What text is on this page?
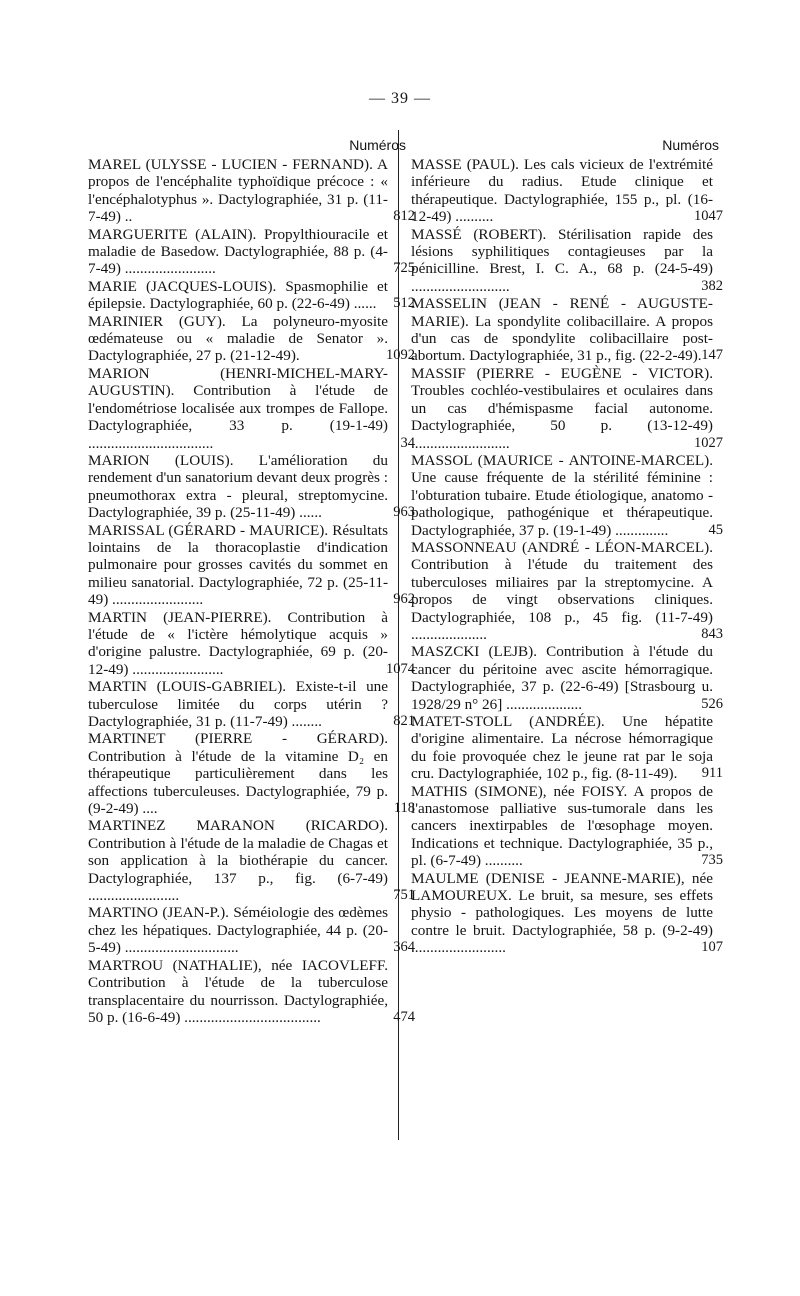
— 39 —
Numéros
MAREL (ULYSSE - LUCIEN - FERNAND). A propos de l'encéphalite typhoïdique précoce : « l'encéphalotyphus ». Dactylographiée, 31 p. (11-7-49) ..	812
MARGUERITE (ALAIN). Propylthiouracile et maladie de Basedow. Dactylographiée, 88 p. (4-7-49) ........................	725
MARIE (JACQUES-LOUIS). Spasmophilie et épilepsie. Dactylographiée, 60 p. (22-6-49) ......	512
MARINIER (GUY). La polyneuro-myosite œdémateuse ou « maladie de Senator ». Dactylographiée, 27 p. (21-12-49).	1092
MARION (HENRI-MICHEL-MARY-AUGUSTIN). Contribution à l'étude de l'endométriose localisée aux trompes de Fallope. Dactylographiée, 33 p. (19-1-49) .................................	34
MARION (LOUIS). L'amélioration du rendement d'un sanatorium devant deux progrès : pneumothorax extra - pleural, streptomycine. Dactylographiée, 39 p. (25-11-49) ......	963
MARISSAL (GÉRARD - MAURICE). Résultats lointains de la thoracoplastie d'indication pulmonaire pour grosses cavités du sommet en milieu sanatorial. Dactylographiée, 72 p. (25-11-49) ........................	962
MARTIN (JEAN-PIERRE). Contribution à l'étude de « l'ictère hémolytique acquis » d'origine palustre. Dactylographiée, 69 p. (20-12-49) ........................	1074
MARTIN (LOUIS-GABRIEL). Existe-t-il une tuberculose limitée du corps utérin ? Dactylographiée, 31 p. (11-7-49) ........	821
MARTINET (PIERRE - GÉRARD). Contribution à l'étude de la vitamine D₂ en thérapeutique particulièrement dans les affections tuberculeuses. Dactylographiée, 79 p. (9-2-49) ....	118
MARTINEZ MARANON (RICARDO). Contribution à l'étude de la maladie de Chagas et son application à la biothérapie du cancer. Dactylographiée, 137 p., fig. (6-7-49) ........................	751
MARTINO (JEAN-P.). Séméiologie des œdèmes chez les hépatiques. Dactylographiée, 44 p. (20-5-49) ..............................	364
MARTROU (NATHALIE), née IACOVLEFF. Contribution à l'étude de la tuberculose transplacentaire du nourrisson. Dactylographiée, 50 p. (16-6-49) ....................................	474
Numéros
MASSE (PAUL). Les cals vicieux de l'extrémité inférieure du radius. Etude clinique et thérapeutique. Dactylographiée, 155 p., pl. (16-12-49) ..........	1047
MASSÉ (ROBERT). Stérilisation rapide des lésions syphilitiques contagieuses par la pénicilline. Brest, I. C. A., 68 p. (24-5-49) ..........................	382
MASSELIN (JEAN - RENÉ - AUGUSTE-MARIE). La spondylite colibacillaire. A propos d'un cas de spondylite colibacillaire post-abortum. Dactylographiée, 31 p., fig. (22-2-49). 147
MASSIF (PIERRE - EUGÈNE - VICTOR). Troubles cochléo-vestibulaires et oculaires dans un cas d'hémispasme facial autonome. Dactylographiée, 50 p. (13-12-49) ..........................	1027
MASSOL (MAURICE - ANTOINE-MARCEL). Une cause fréquente de la stérilité féminine : l'obturation tubaire. Etude étiologique, anatomo - pathologique, pathogénique et thérapeutique. Dactylographiée, 37 p. (19-1-49) ..............	45
MASSONNEAU (ANDRÉ - LÉON-MARCEL). Contribution à l'étude du traitement des tuberculoses miliaires par la streptomycine. A propos de vingt observations cliniques. Dactylographiée, 108 p., 45 fig. (11-7-49) ....................	843
MASZCKI (LEJB). Contribution à l'étude du cancer du péritoine avec ascite hémorragique. Dactylographiée, 37 p. (22-6-49) [Strasbourg u. 1928/29 n° 26] ....................	526
MATET-STOLL (ANDRÉE). Une hépatite d'origine alimentaire. La nécrose hémorragique du foie provoquée chez le jeune rat par le soja cru. Dactylographiée, 102 p., fig. (8-11-49).	911
MATHIS (SIMONE), née FOISY. A propos de l'anastomose palliative sus-tumorale dans les cancers inextirpables de l'œsophage moyen. Indications et technique. Dactylographiée, 35 p., pl. (6-7-49) ..........	735
MAULME (DENISE - JEANNE-MARIE), née LAMOUREUX. Le bruit, sa mesure, ses effets physio - pathologiques. Les moyens de lutte contre le bruit. Dactylographiée, 58 p. (9-2-49) .........................	107
